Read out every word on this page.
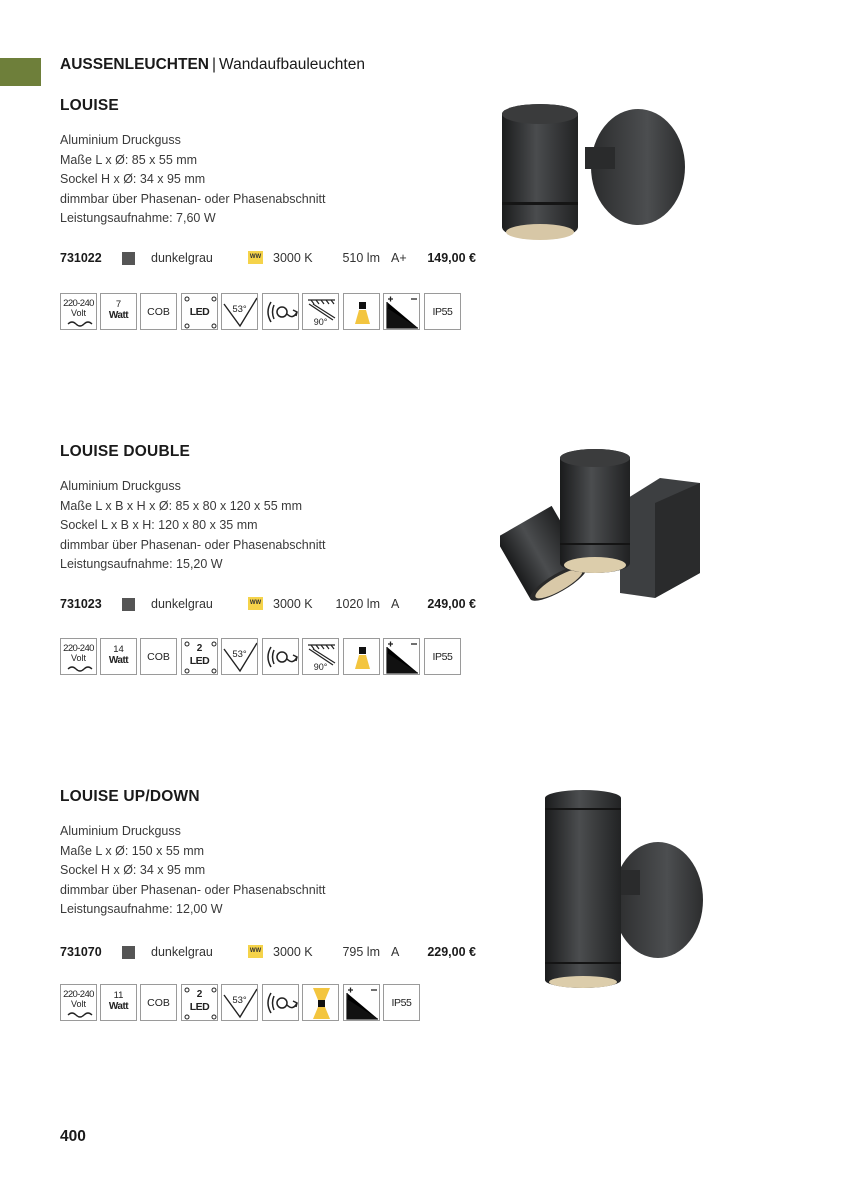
AUSSENLEUCHTEN | Wandaufbauleuchten
LOUISE
Aluminium Druckguss
Maße L x Ø: 85 x 55 mm
Sockel H x Ø: 34 x 95 mm
dimmbar über Phasenan- oder Phasenabschnitt
Leistungsaufnahme: 7,60 W
731022	dunkelgrau	WW 3000 K 510 lm A+ 149,00 €
220-240
Volt
7
Watt	COB	LED	53°
90°
IP55
LOUISE DOUBLE
Aluminium Druckguss
Maße L x B x H x Ø: 85 x 80 x 120 x 55 mm
Sockel L x B x H: 120 x 80 x 35 mm
dimmbar über Phasenan- oder Phasenabschnitt
Leistungsaufnahme: 15,20 W
731023	dunkelgrau	WW 3000 K 1020 lm A 249,00 €
220-240
Volt
14
Watt	COB
2
LED
53°
90°
IP55
LOUISE UP/DOWN
Aluminium Druckguss
Maße L x Ø: 150 x 55 mm
Sockel H x Ø: 34 x 95 mm
dimmbar über Phasenan- oder Phasenabschnitt
Leistungsaufnahme: 12,00 W
731070	dunkelgrau	WW 3000 K 795 lm A 229,00 €
220-240
Volt
11
Watt	COB
2
LED
53°	IP55
400
